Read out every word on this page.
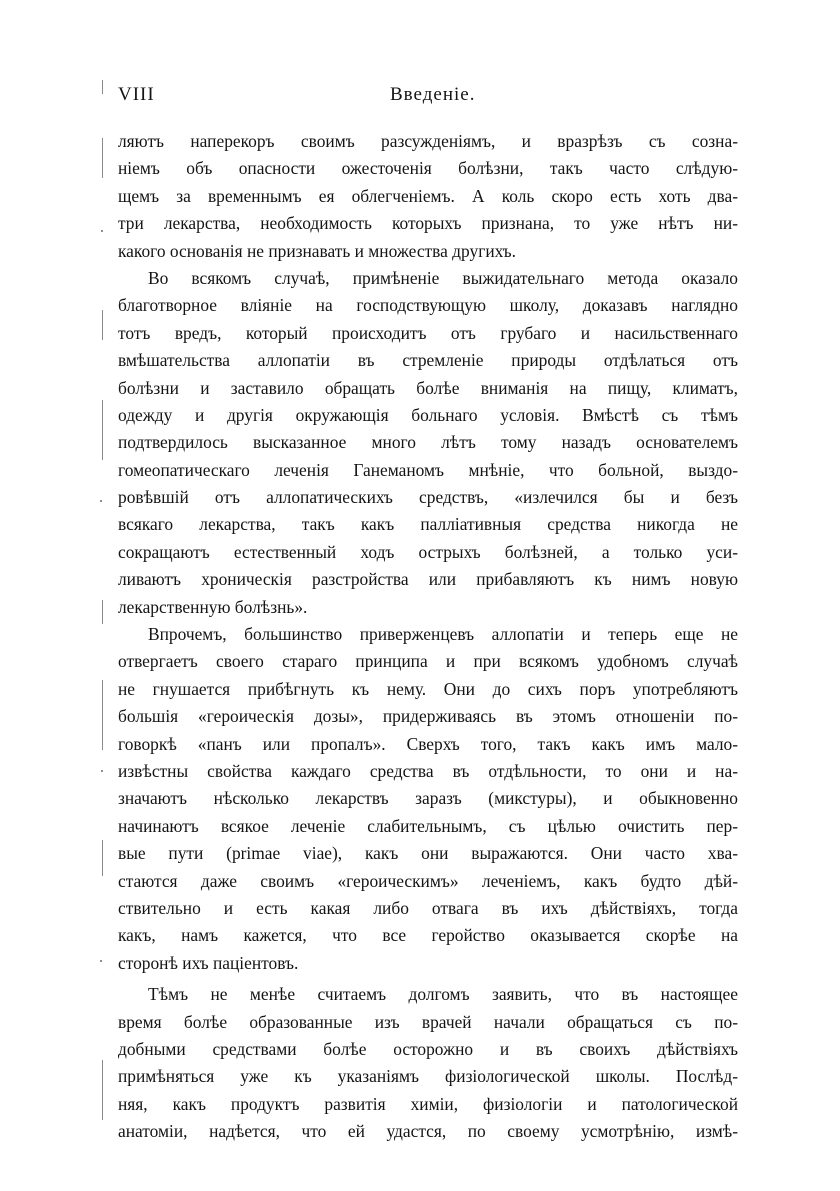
VIII	Введеніе.
ляютъ наперекоръ своимъ разсужденіямъ, и вразрѣзъ съ созна-
ніемъ объ опасности ожесточенія болѣзни, такъ часто слѣдую-
щемъ за временнымъ ея облегченіемъ. А коль скоро есть хоть два-
три лекарства, необходимость которыхъ признана, то уже нѣтъ ни-
какого основанія не признавать и множества другихъ.
Во всякомъ случаѣ, примѣненіе выжидательнаго метода оказало
благотворное вліяніе на господствующую школу, доказавъ наглядно
тотъ вредъ, который происходитъ отъ грубаго и насильственнаго
вмѣшательства аллопатіи въ стремленіе природы отдѣлаться отъ
болѣзни и заставило обращать болѣе вниманія на пищу, климатъ,
одежду и другія окружающія больнаго условія. Вмѣстѣ съ тѣмъ
подтвердилось высказанное много лѣтъ тому назадъ основателемъ
гомеопатическаго леченія Ганеманомъ мнѣніе, что больной, выздо-
ровѣвшій отъ аллопатическихъ средствъ, «излечился бы и безъ
всякаго лекарства, такъ какъ палліативныя средства никогда не
сокращаютъ естественный ходъ острыхъ болѣзней, а только уси-
ливаютъ хроническія разстройства или прибавляютъ къ нимъ новую
лекарственную болѣзнь».
Впрочемъ, большинство приверженцевъ аллопатіи и теперь еще не
отвергаетъ своего стараго принципа и при всякомъ удобномъ случаѣ
не гнушается прибѣгнуть къ нему. Они до сихъ поръ употребляютъ
большія «героическія дозы», придерживаясь въ этомъ отношеніи по-
говоркѣ «панъ или пропалъ». Сверхъ того, такъ какъ имъ мало-
извѣстны свойства каждаго средства въ отдѣльности, то они и на-
значаютъ нѣсколько лекарствъ заразъ (микстуры), и обыкновенно
начинаютъ всякое леченіе слабительнымъ, съ цѣлью очистить пер-
вые пути (primae viae), какъ они выражаются. Они часто хва-
стаются даже своимъ «героическимъ» леченіемъ, какъ будто дѣй-
ствительно и есть какая либо отвага въ ихъ дѣйствіяхъ, тогда
какъ, намъ кажется, что все геройство оказывается скорѣе на
сторонѣ ихъ паціентовъ.
Тѣмъ не менѣе считаемъ долгомъ заявить, что въ настоящее
время болѣе образованные изъ врачей начали обращаться съ по-
добными средствами болѣе осторожно и въ своихъ дѣйствіяхъ
примѣняться уже къ указаніямъ физіологической школы. Послѣд-
няя, какъ продуктъ развитія химіи, физіологіи и патологической
анатоміи, надѣется, что ей удастся, по своему усмотрѣнію, измѣ-
